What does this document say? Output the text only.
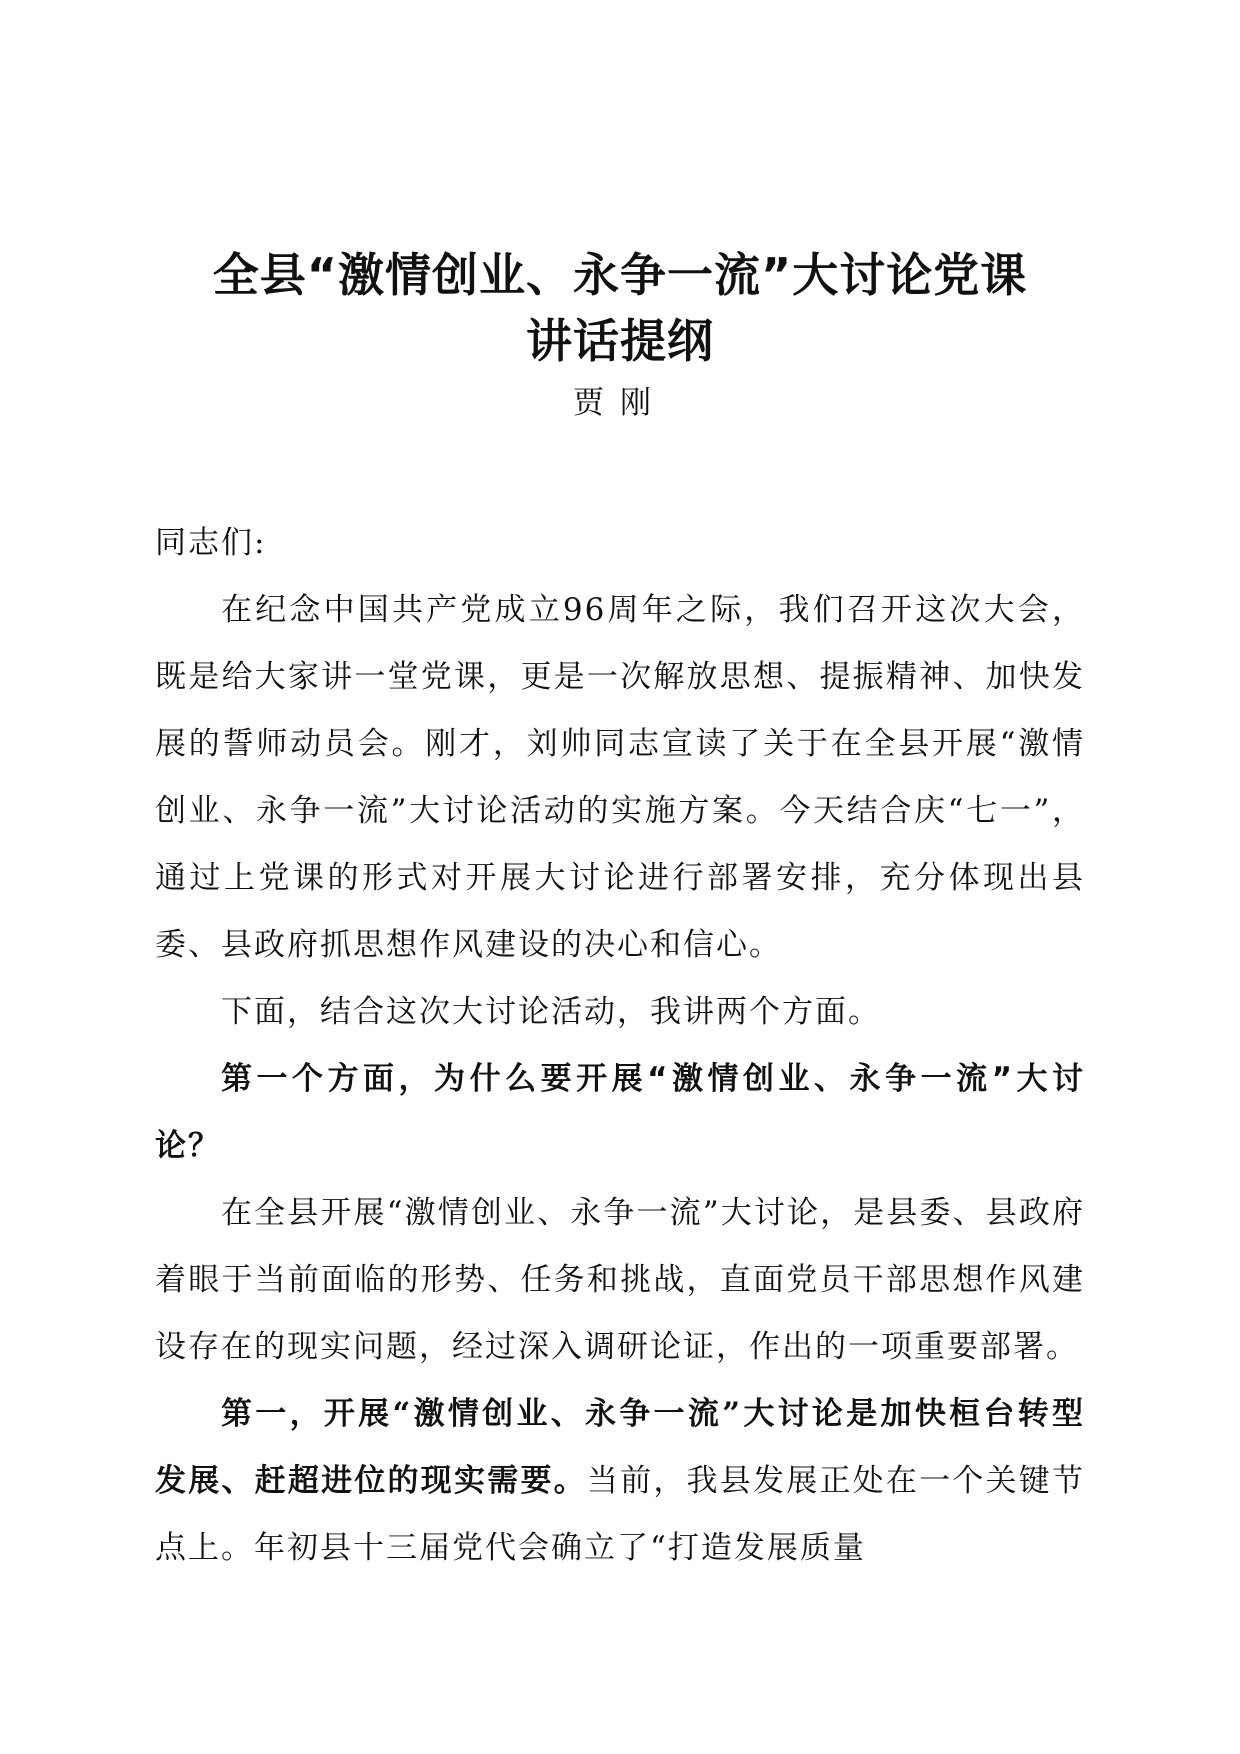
全县“激情创业、永争一流”大讨论党课
讲话提纲
贾刚

同志们:

在纪念中国共产党成立96周年之际，我们召开这次大会，既是给大家讲一堂党课，更是一次解放思想、提振精神、加快发展的誓师动员会。刚才，刘帅同志宣读了关于在全县开展“激情创业、永争一流”大讨论活动的实施方案。今天结合庆“七一”，通过上党课的形式对开展大讨论进行部署安排，充分体现出县委、县政府抓思想作风建设的决心和信心。

下面，结合这次大讨论活动，我讲两个方面。

第一个方面，为什么要开展“激情创业、永争一流”大讨论？

在全县开展“激情创业、永争一流”大讨论，是县委、县政府着眼于当前面临的形势、任务和挑战，直面党员干部思想作风建设存在的现实问题，经过深入调研论证，作出的一项重要部署。

第一，开展“激情创业、永争一流”大讨论是加快桓台转型发展、赶超进位的现实需要。当前，我县发展正处在一个关键节点上。年初县十三届党代会确立了“打造发展质量
